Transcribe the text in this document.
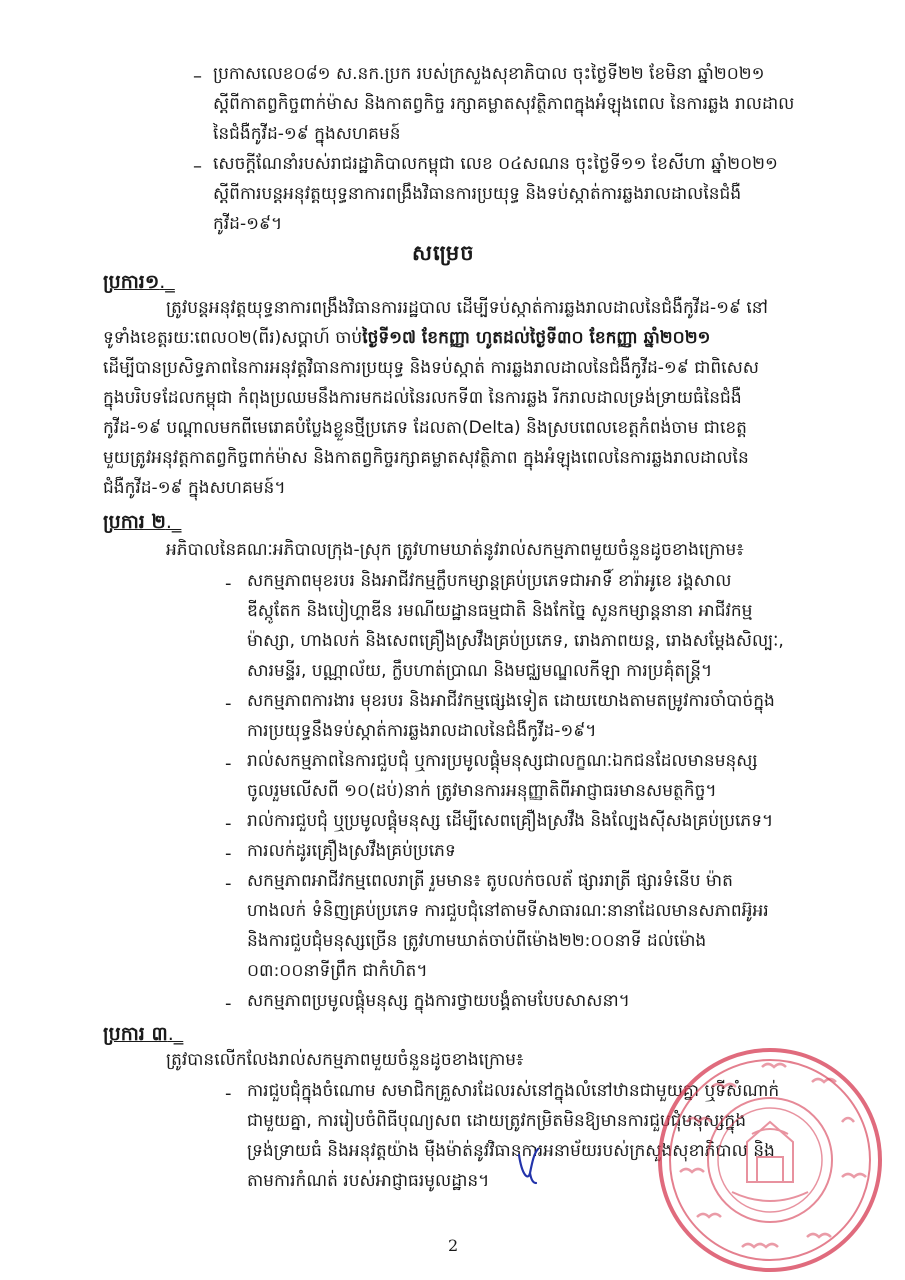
– ប្រកាសលេខ០៨១ ស.នក.ប្រក របស់ក្រសួងសុខាភិបាល ចុះថ្ងៃទី២២ ខែមិនា ឆ្នាំ២០២១
ស្តីពីកាតព្វកិច្ចពាក់ម៉ាស និងកាតព្វកិច្ច រក្សាគម្លាតសុវត្ថិភាពក្នុងអំឡុងពេល នៃការឆ្លង រាលដាល
នៃជំងឺកូវីដ-១៩ ក្នុងសហគមន៍
– សេចក្តីណែនាំរបស់រាជរដ្ឋាភិបាលកម្ពុជា លេខ ០៤សណន ចុះថ្ងៃទី១១ ខែសីហា ឆ្នាំ២០២១
ស្តីពីការបន្តអនុវត្តយុទ្ធនាការពង្រឹងវិធានការប្រយុទ្ធ និងទប់ស្កាត់ការឆ្លងរាលដាលនៃជំងឺ
កូវីដ-១៩។
សម្រេច
ប្រការ១._
ត្រូវបន្តអនុវត្តយុទ្ធនាការពង្រឹងវិធានការរដ្ឋបាល ដើម្បីទប់ស្កាត់ការឆ្លងរាលដាលនៃជំងឺកូវីដ-១៩ នៅ
ទូទាំងខេត្តរយៈពេល០២(ពីរ)សប្តាហ៍ ចាប់ថ្ងៃទី១៧ ខែកញ្ញា ហូតដល់ថ្ងៃទី៣០ ខែកញ្ញា ឆ្នាំ២០២១
ដើម្បីបានប្រសិទ្ធភាពនៃការអនុវត្តវិធានការប្រយុទ្ធ និងទប់ស្កាត់ ការឆ្លងរាលដាលនៃជំងឺកូវីដ-១៩ ជាពិសេស
ក្នុងបរិបទដែលកម្ពុជា កំពុងប្រឈមនឹងការមកដល់នៃរលកទី៣ នៃការឆ្លង រីករាលដាលទ្រង់ទ្រាយធំនៃជំងឺ
កូវីដ-១៩ បណ្តាលមកពីមេរោគបំប្លែងខ្លួនថ្មីប្រភេទ ដែលតា(Delta) និងស្របពេលខេត្តកំពង់ចាម ជាខេត្ត
មួយត្រូវអនុវត្តកាតព្វកិច្ចពាក់ម៉ាស និងកាតព្វកិច្ចរក្សាគម្លាតសុវត្ថិភាព ក្នុងអំឡុងពេលនៃការឆ្លងរាលដាលនៃ
ជំងឺកូវីដ-១៩ ក្នុងសហគមន៍។
ប្រការ ២._
អភិបាលនៃគណៈអភិបាលក្រុង-ស្រុក ត្រូវហាមឃាត់នូវរាល់សកម្មភាពមួយចំនួនដូចខាងក្រោម៖
- សកម្មភាពមុខរបរ និងអាជីវកម្មក្លឹបកម្សាន្តគ្រប់ប្រភេទជាអាទិ៍ ខារ៉ាអូខេ រង្គសាល
ឌីស្កូតែក និងបៀហ្គាឌីន រមណីយដ្ឋានធម្មជាតិ និងកែច្នៃ សួនកម្សាន្តនានា អាជីវកម្ម
ម៉ាស្សា, ហាងលក់ និងសេពគ្រឿងស្រវឹងគ្រប់ប្រភេទ, រោងភាពយន្ត, រោងសម្តែងសិល្បៈ,
សារមន្ទីរ, បណ្ណាល័យ, ក្លឹបហាត់ប្រាណ និងមជ្ឈមណ្ឌលកីឡា ការប្រគុំតន្ត្រី។
- សកម្មភាពការងារ មុខរបរ និងអាជីវកម្មផ្សេងទៀត ដោយយោងតាមតម្រូវការចាំបាច់ក្នុង
ការប្រយុទ្ធនឹងទប់ស្កាត់ការឆ្លងរាលដាលនៃជំងឺកូវីដ-១៩។
- រាល់សកម្មភាពនៃការជួបជុំ ឬការប្រមូលផ្តុំមនុស្សជាលក្ខណៈឯកជនដែលមានមនុស្ស
ចូលរួមលើសពី ១០(ដប់)នាក់ ត្រូវមានការអនុញ្ញាតិពីអាជ្ញាធរមានសមត្ថកិច្ច។
- រាល់ការជួបជុំ ឬប្រមូលផ្តុំមនុស្ស ដើម្បីសេពគ្រឿងស្រវឹង និងល្បែងស៊ីសងគ្រប់ប្រភេទ។
- ការលក់ដូរគ្រឿងស្រវឹងគ្រប់ប្រភេទ
- សកម្មភាពអាជីវកម្មពេលរាត្រី រួមមាន៖ តូបលក់ចលត័ ផ្សាររាត្រី ផ្សារទំនើប ម៉ាត
ហាងលក់ ទំនិញគ្រប់ប្រភេទ ការជួបជុំនៅតាមទីសាធារណៈនានាដែលមានសភាពអ៊ូអរ
និងការជួបជុំមនុស្សច្រើន ត្រូវហាមឃាត់ចាប់ពីម៉ោង២២:០០នាទី ដល់ម៉ោង
០៣:០០នាទីព្រឹក ជាកំហិត។
- សកម្មភាពប្រមូលផ្តុំមនុស្ស ក្នុងការថ្វាយបង្គំតាមបែបសាសនា។
ប្រការ ៣._
ត្រូវបានលើកលែងរាល់សកម្មភាពមួយចំនួនដូចខាងក្រោម៖
- ការជួបជុំក្នុងចំណោម សមាជិកគ្រួសារដែលរស់នៅក្នុងលំនៅឋានជាមួយគ្នា ឬទីសំណាក់
ជាមួយគ្នា, ការរៀបចំពិធីបុណ្យសព ដោយត្រូវកម្រិតមិនឱ្យមានការជួបជុំមនុស្សក្នុង
ទ្រង់ទ្រាយធំ និងអនុវត្តយ៉ាង ម៉ឺងម៉ាត់នូវវិធានការអនាម័យរបស់ក្រសួងសុខាភិបាល និង
តាមការកំណត់ របស់អាជ្ញាធរមូលដ្ឋាន។
2
